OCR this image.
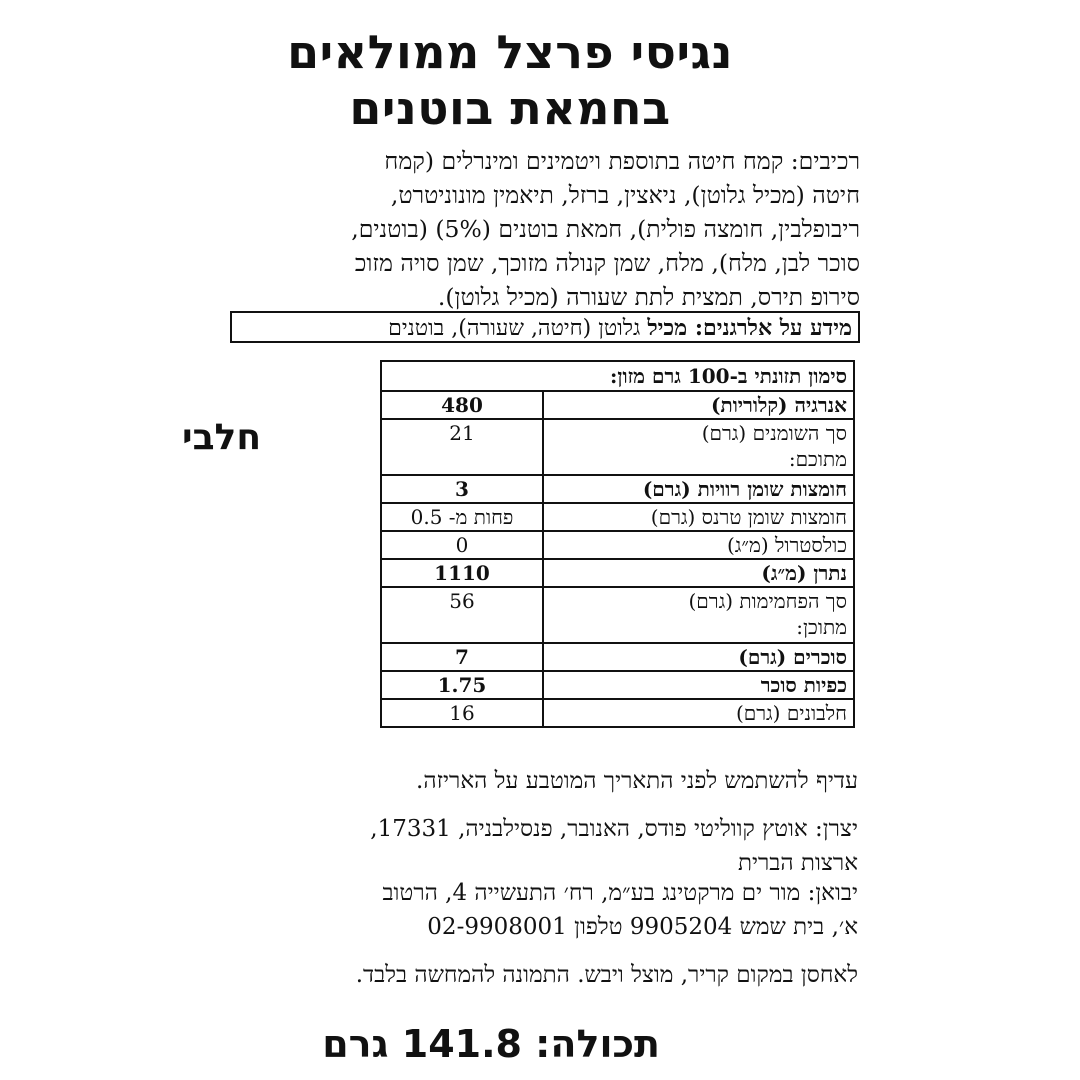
נגיסי פרצל ממולאים
בחמאת בוטנים
רכיבים: קמח חיטה בתוספת ויטמינים ומינרלים (קמח
חיטה (מכיל גלוטן), ניאצין, ברזל, תיאמין מונוניטרט,
ריבופלבין, חומצה פולית), חמאת בוטנים (5%) (בוטנים,
סוכר לבן, מלח), מלח, שמן קנולה מזוכך, שמן סויה מזוכ
סירופ תירס, תמצית לתת שעורה (מכיל גלוטן).
מידע על אלרגנים: מכיל גלוטן (חיטה, שעורה), בוטנים
חלבי
סימון תזונתי ב-100 גרם מזון:	
אנרגיה (קלוריות)	480

סך השומנים (גרם)
מתוכם:	21
חומצות שומן רוויות (גרם)	3
חומצות שומן טרנס (גרם)	פחות מ- 0.5
כולסטרול (מ״ג)	0
נתרן (מ״ג)	1110

סך הפחמימות (גרם)
מתוכן:	56
סוכרים (גרם)	7
כפיות סוכר	1.75
חלבונים (גרם)	16
עדיף להשתמש לפני התאריך המוטבע על האריזה.
יצרן: אוטץ קווליטי פודס, האנובר, פנסילבניה, 17331,
ארצות הברית
יבואן: מור ים מרקטינג בע״מ, רח׳ התעשייה 4, הרטוב
א׳, בית שמש 9905204 טלפון 02-9908001
לאחסן במקום קריר, מוצל ויבש. התמונה להמחשה בלבד.
תכולה: 141.8 גרם
